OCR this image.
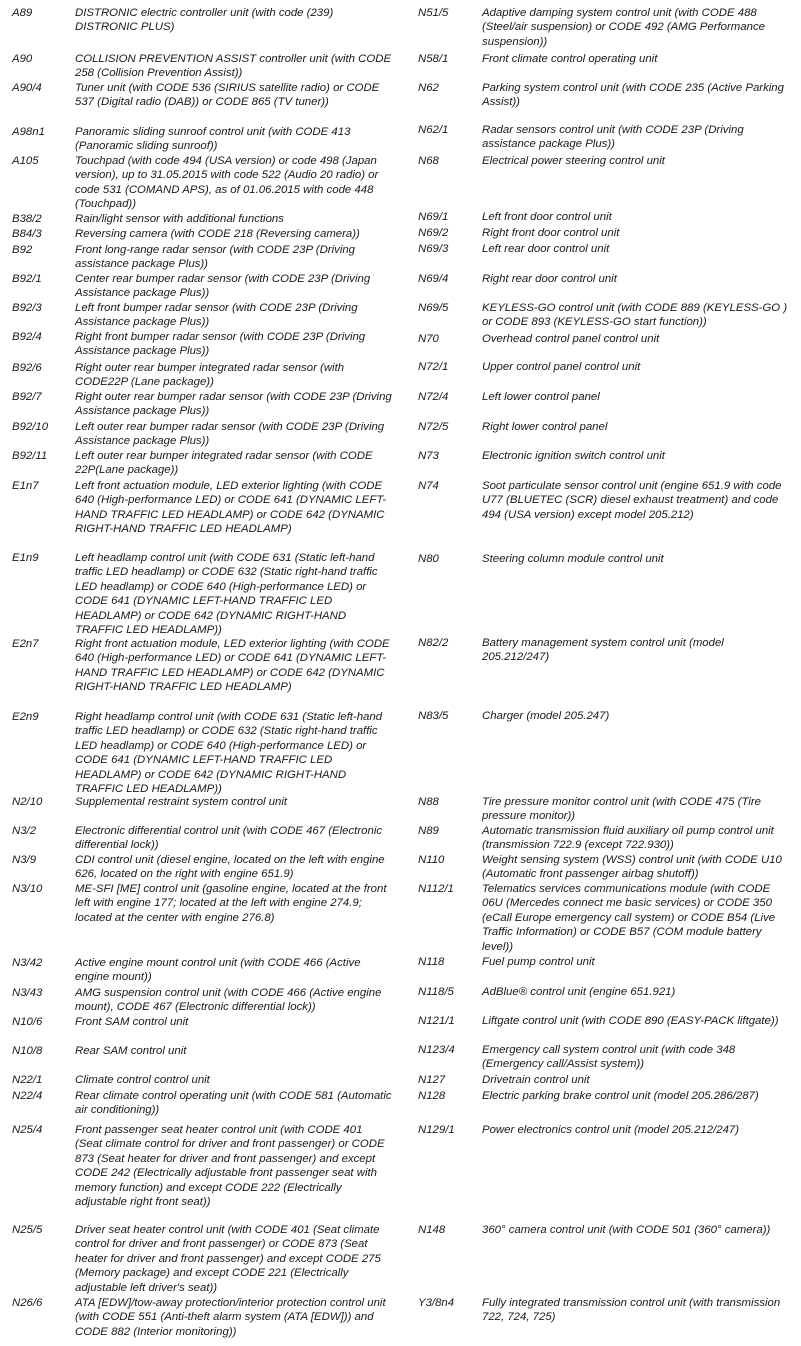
A89	DISTRONIC electric controller unit (with code (239) DISTRONIC PLUS)
A90	COLLISION PREVENTION ASSIST controller unit (with CODE 258 (Collision Prevention Assist))
A90/4	Tuner unit (with CODE 536 (SIRIUS satellite radio) or CODE 537 (Digital radio (DAB)) or CODE 865 (TV tuner))
A98n1	Panoramic sliding sunroof control unit (with CODE 413 (Panoramic sliding sunroof))
A105	Touchpad (with code 494 (USA version) or code 498 (Japan version), up to 31.05.2015 with code 522 (Audio 20 radio) or code 531 (COMAND APS), as of 01.06.2015 with code 448 (Touchpad))
B38/2	Rain/light sensor with additional functions
B84/3	Reversing camera (with CODE 218 (Reversing camera))
B92	Front long-range radar sensor (with CODE 23P (Driving assistance package Plus))
B92/1	Center rear bumper radar sensor (with CODE 23P (Driving Assistance package Plus))
B92/3	Left front bumper radar sensor (with CODE 23P (Driving Assistance package Plus))
B92/4	Right front bumper radar sensor (with CODE 23P (Driving Assistance package Plus))
B92/6	Right outer rear bumper integrated radar sensor (with CODE22P (Lane package))
B92/7	Right outer rear bumper radar sensor (with CODE 23P (Driving Assistance package Plus))
B92/10	Left outer rear bumper radar sensor (with CODE 23P (Driving Assistance package Plus))
B92/11	Left outer rear bumper integrated radar sensor (with CODE 22P(Lane package))
E1n7	Left front actuation module, LED exterior lighting (with CODE 640 (High-performance LED) or CODE 641 (DYNAMIC LEFT-HAND TRAFFIC LED HEADLAMP) or CODE 642 (DYNAMIC RIGHT-HAND TRAFFIC LED HEADLAMP)
E1n9	Left headlamp control unit (with CODE 631 (Static left-hand traffic LED headlamp) or CODE 632 (Static right-hand traffic LED headlamp) or CODE 640 (High-performance LED) or CODE 641 (DYNAMIC LEFT-HAND TRAFFIC LED HEADLAMP) or CODE 642 (DYNAMIC RIGHT-HAND TRAFFIC LED HEADLAMP))
E2n7	Right front actuation module, LED exterior lighting (with CODE 640 (High-performance LED) or CODE 641 (DYNAMIC LEFT-HAND TRAFFIC LED HEADLAMP) or CODE 642 (DYNAMIC RIGHT-HAND TRAFFIC LED HEADLAMP)
E2n9	Right headlamp control unit (with CODE 631 (Static left-hand traffic LED headlamp) or CODE 632 (Static right-hand traffic LED headlamp) or CODE 640 (High-performance LED) or CODE 641 (DYNAMIC LEFT-HAND TRAFFIC LED HEADLAMP) or CODE 642 (DYNAMIC RIGHT-HAND TRAFFIC LED HEADLAMP))
N2/10	Supplemental restraint system control unit
N3/2	Electronic differential control unit (with CODE 467 (Electronic differential lock))
N3/9	CDI control unit (diesel engine, located on the left with engine 626, located on the right with engine 651.9)
N3/10	ME-SFI [ME] control unit (gasoline engine, located at the front left with engine 177; located at the left with engine 274.9; located at the center with engine 276.8)
N3/42	Active engine mount control unit (with CODE 466 (Active engine mount))
N3/43	AMG suspension control unit (with CODE 466 (Active engine mount), CODE 467 (Electronic differential lock))
N10/6	Front SAM control unit
N10/8	Rear SAM control unit
N22/1	Climate control control unit
N22/4	Rear climate control operating unit (with CODE 581 (Automatic air conditioning))
N25/4	Front passenger seat heater control unit (with CODE 401 (Seat climate control for driver and front passenger) or CODE 873 (Seat heater for driver and front passenger) and except CODE 242 (Electrically adjustable front passenger seat with memory function) and except CODE 222 (Electrically adjustable right front seat))
N25/5	Driver seat heater control unit (with CODE 401 (Seat climate control for driver and front passenger) or CODE 873 (Seat heater for driver and front passenger) and except CODE 275 (Memory package) and except CODE 221 (Electrically adjustable left driver's seat))
N26/6	ATA [EDW]/tow-away protection/interior protection control unit (with CODE 551 (Anti-theft alarm system (ATA [EDW])) and CODE 882 (Interior monitoring))
N51/5	Adaptive damping system control unit (with CODE 488 (Steel/air suspension) or CODE 492 (AMG Performance suspension))
N58/1	Front climate control operating unit
N62	Parking system control unit (with CODE 235 (Active Parking Assist))
N62/1	Radar sensors control unit (with CODE 23P (Driving assistance package Plus))
N68	Electrical power steering control unit
N69/1	Left front door control unit
N69/2	Right front door control unit
N69/3	Left rear door control unit
N69/4	Right rear door control unit
N69/5	KEYLESS-GO control unit (with CODE 889 (KEYLESS-GO ) or CODE 893 (KEYLESS-GO start function))
N70	Overhead control panel control unit
N72/1	Upper control panel control unit
N72/4	Left lower control panel
N72/5	Right lower control panel
N73	Electronic ignition switch control unit
N74	Soot particulate sensor control unit (engine 651.9 with code U77 (BLUETEC (SCR) diesel exhaust treatment) and code 494 (USA version) except model 205.212)
N80	Steering column module control unit
N82/2	Battery management system control unit (model 205.212/247)
N83/5	Charger (model 205.247)
N88	Tire pressure monitor control unit (with CODE 475 (Tire pressure monitor))
N89	Automatic transmission fluid auxiliary oil pump control unit (transmission 722.9 (except 722.930))
N110	Weight sensing system (WSS) control unit (with CODE U10 (Automatic front passenger airbag shutoff))
N112/1	Telematics services communications module (with CODE 06U (Mercedes connect me basic services) or CODE 350 (eCall Europe emergency call system) or CODE B54 (Live Traffic Information) or CODE B57 (COM module battery level))
N118	Fuel pump control unit
N118/5	AdBlue® control unit (engine 651.921)
N121/1	Liftgate control unit (with CODE 890 (EASY-PACK liftgate))
N123/4	Emergency call system control unit (with code 348 (Emergency call/Assist system))
N127	Drivetrain control unit
N128	Electric parking brake control unit (model 205.286/287)
N129/1	Power electronics control unit (model 205.212/247)
N148	360° camera control unit (with CODE 501 (360° camera))
Y3/8n4	Fully integrated transmission control unit (with transmission 722, 724, 725)
